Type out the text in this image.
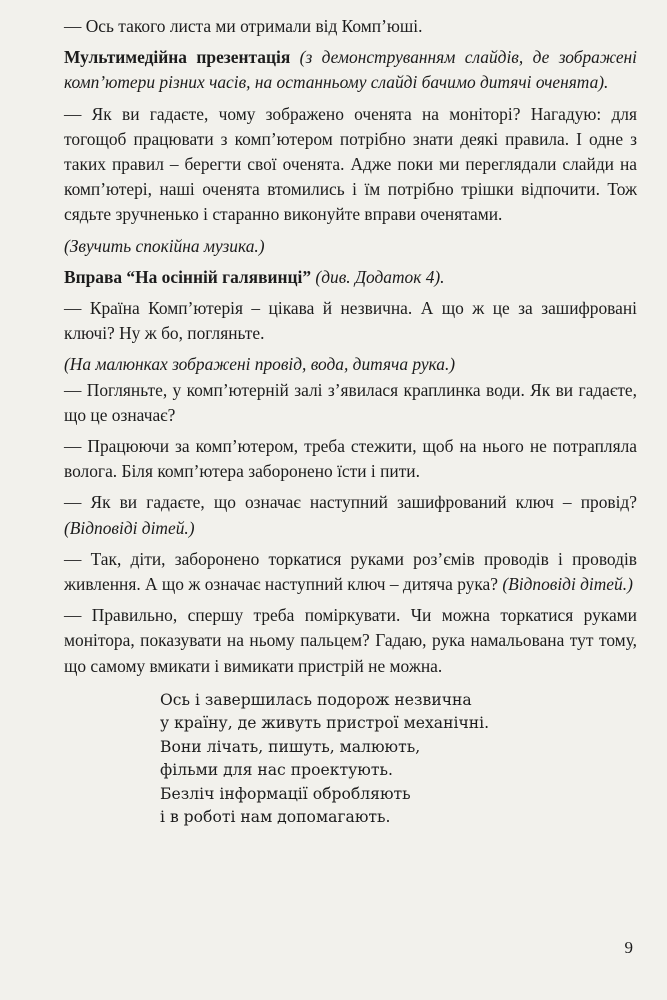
— Ось такого листа ми отримали від Комп’юші.

Мультимедійна презентація (з демонструванням слайдів, де зображені комп’ютери різних часів, на останньому слайді бачимо дитячі оченята).

— Як ви гадаєте, чому зображено оченята на моніторі? Нагадую: для тогощоб працювати з комп’ютером потрібно знати деякі правила. І одне з таких правил – берегти свої оченята. Адже поки ми переглядали слайди на комп’ютері, наші оченята втомились і їм потрібно трішки відпочити. Тож сядьте зручненько і старанно виконуйте вправи оченятами.

(Звучить спокійна музика.)

Вправа “На осінній галявинці” (див. Додаток 4).

— Країна Комп’ютерія – цікава й незвична. А що ж це за зашифровані ключі? Ну ж бо, погляньте.

(На малюнках зображені провід, вода, дитяча рука.)

— Погляньте, у комп’ютерній залі з’явилася краплинка води. Як ви гадаєте, що це означає?

— Працюючи за комп’ютером, треба стежити, щоб на нього не потрапляла волога. Біля комп’ютера заборонено їсти і пити.

— Як ви гадаєте, що означає наступний зашифрований ключ – провід? (Відповіді дітей.)

— Так, діти, заборонено торкатися руками роз’ємів проводів і проводів живлення. А що ж означає наступний ключ – дитяча рука? (Відповіді дітей.)

— Правильно, спершу треба поміркувати. Чи можна торкатися руками монітора, показувати на ньому пальцем? Гадаю, рука намальована тут тому, що самому вмикати і вимикати пристрій не можна.

Ось і завершилась подорож незвична
у країну, де живуть пристрої механічні.
Вони лічать, пишуть, малюють,
фільми для нас проектують.
Безліч інформації обробляють
і в роботі нам допомагають.
9
